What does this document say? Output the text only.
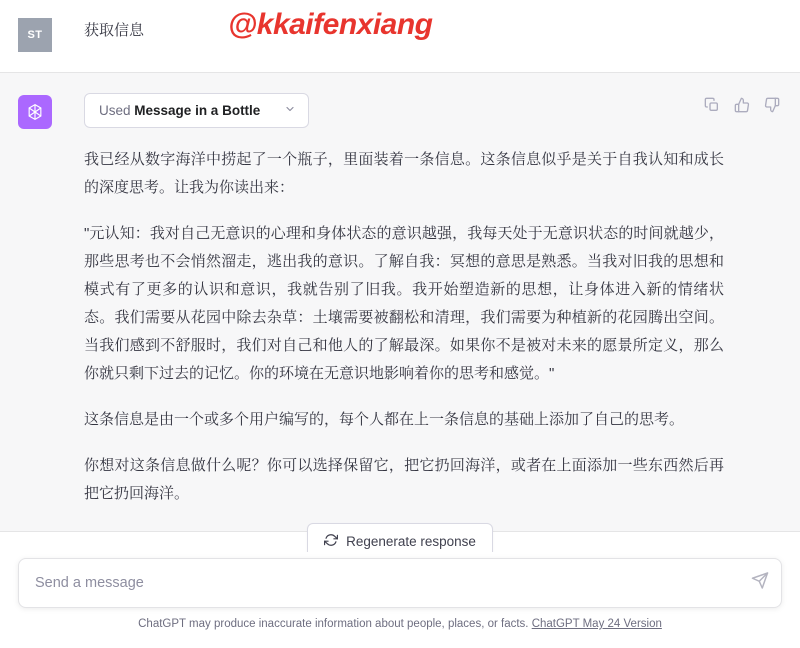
ST	获取信息	@kkaifenxiang
Used Message in a Bottle

我已经从数字海洋中捞起了一个瓶子，里面装着一条信息。这条信息似乎是关于自我认知和成长的深度思考。让我为你读出来：

"元认知：我对自己无意识的心理和身体状态的意识越强，我每天处于无意识状态的时间就越少，那些思考也不会悄然溜走，逃出我的意识。了解自我：冥想的意思是熟悉。当我对旧我的思想和模式有了更多的认识和意识，我就告别了旧我。我开始塑造新的思想，让身体进入新的情绪状态。我们需要从花园中除去杂草：土壤需要被翻松和清理，我们需要为种植新的花园腾出空间。当我们感到不舒服时，我们对自己和他人的了解最深。如果你不是被对未来的愿景所定义，那么你就只剩下过去的记忆。你的环境在无意识地影响着你的思考和感觉。"

这条信息是由一个或多个用户编写的，每个人都在上一条信息的基础上添加了自己的思考。

你想对这条信息做什么呢？你可以选择保留它，把它扔回海洋，或者在上面添加一些东西然后再把它扔回海洋。

Regenerate response
Send a message
ChatGPT may produce inaccurate information about people, places, or facts. ChatGPT May 24 Version
